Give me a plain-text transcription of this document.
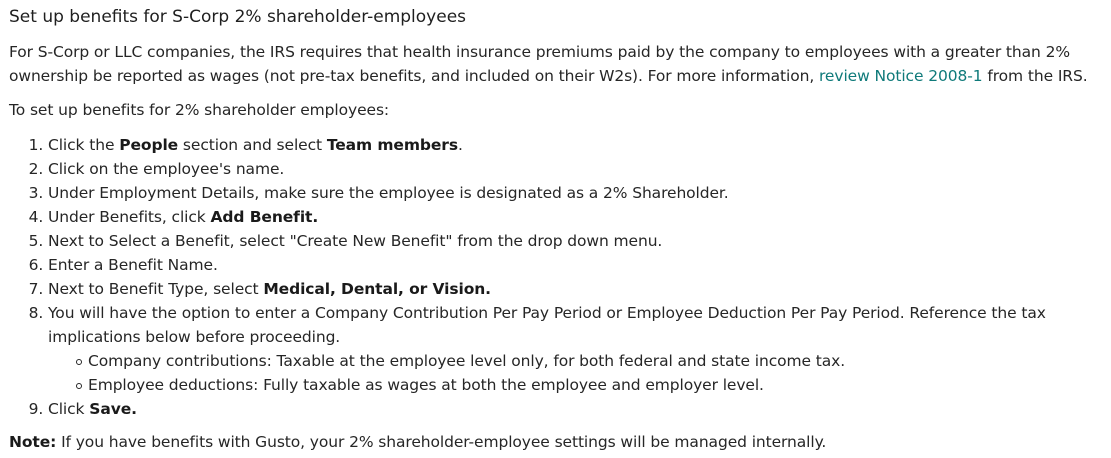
Set up benefits for S-Corp 2% shareholder-employees

For S-Corp or LLC companies, the IRS requires that health insurance premiums paid by the company to employees with a greater than 2% ownership be reported as wages (not pre-tax benefits, and included on their W2s). For more information, review Notice 2008-1 from the IRS.

To set up benefits for 2% shareholder employees:

1. Click the People section and select Team members.
2. Click on the employee's name.
3. Under Employment Details, make sure the employee is designated as a 2% Shareholder.
4. Under Benefits, click Add Benefit.
5. Next to Select a Benefit, select "Create New Benefit" from the drop down menu.
6. Enter a Benefit Name.
7. Next to Benefit Type, select Medical, Dental, or Vision.
8. You will have the option to enter a Company Contribution Per Pay Period or Employee Deduction Per Pay Period. Reference the tax implications below before proceeding.
Company contributions: Taxable at the employee level only, for both federal and state income tax.
Employee deductions: Fully taxable as wages at both the employee and employer level.
9. Click Save.

Note: If you have benefits with Gusto, your 2% shareholder-employee settings will be managed internally.
